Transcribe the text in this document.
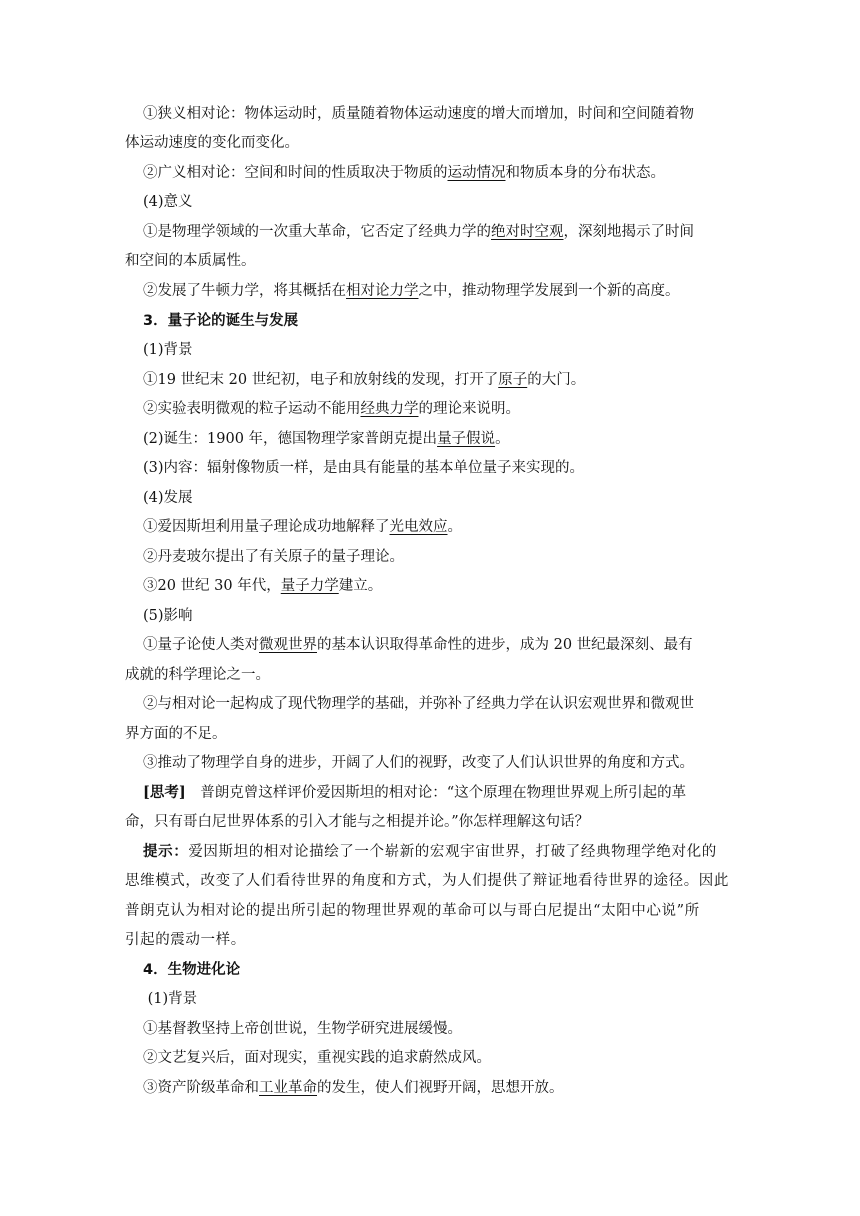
①狭义相对论：物体运动时，质量随着物体运动速度的增大而增加，时间和空间随着物
体运动速度的变化而变化。
②广义相对论：空间和时间的性质取决于物质的运动情况和物质本身的分布状态。
(4)意义
①是物理学领域的一次重大革命，它否定了经典力学的绝对时空观，深刻地揭示了时间
和空间的本质属性。
②发展了牛顿力学，将其概括在相对论力学之中，推动物理学发展到一个新的高度。
3．量子论的诞生与发展
(1)背景
①19 世纪末 20 世纪初，电子和放射线的发现，打开了原子的大门。
②实验表明微观的粒子运动不能用经典力学的理论来说明。
(2)诞生：1900 年，德国物理学家普朗克提出量子假说。
(3)内容：辐射像物质一样，是由具有能量的基本单位量子来实现的。
(4)发展
①爱因斯坦利用量子理论成功地解释了光电效应。
②丹麦玻尔提出了有关原子的量子理论。
③20 世纪 30 年代，量子力学建立。
(5)影响
①量子论使人类对微观世界的基本认识取得革命性的进步，成为 20 世纪最深刻、最有
成就的科学理论之一。
②与相对论一起构成了现代物理学的基础，并弥补了经典力学在认识宏观世界和微观世
界方面的不足。
③推动了物理学自身的进步，开阔了人们的视野，改变了人们认识世界的角度和方式。
[思考]　普朗克曾这样评价爱因斯坦的相对论：“这个原理在物理世界观上所引起的革
命，只有哥白尼世界体系的引入才能与之相提并论。”你怎样理解这句话？
提示：爱因斯坦的相对论描绘了一个崭新的宏观宇宙世界，打破了经典物理学绝对化的
思维模式，改变了人们看待世界的角度和方式，为人们提供了辩证地看待世界的途径。因此
普朗克认为相对论的提出所引起的物理世界观的革命可以与哥白尼提出“太阳中心说”所
引起的震动一样。
4．生物进化论
(1)背景
①基督教坚持上帝创世说，生物学研究进展缓慢。
②文艺复兴后，面对现实，重视实践的追求蔚然成风。
③资产阶级革命和工业革命的发生，使人们视野开阔，思想开放。
